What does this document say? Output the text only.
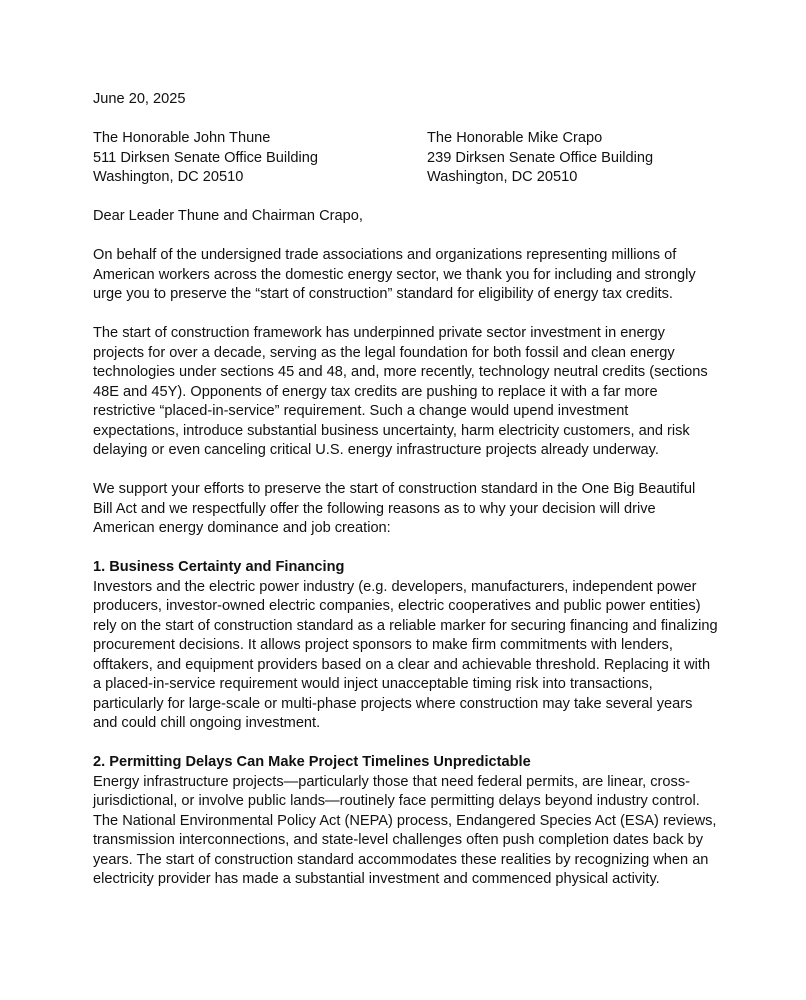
June 20, 2025
The Honorable John Thune
511 Dirksen Senate Office Building
Washington, DC 20510
The Honorable Mike Crapo
239 Dirksen Senate Office Building
Washington, DC 20510
Dear Leader Thune and Chairman Crapo,

On behalf of the undersigned trade associations and organizations representing millions of American workers across the domestic energy sector, we thank you for including and strongly urge you to preserve the “start of construction” standard for eligibility of energy tax credits.

The start of construction framework has underpinned private sector investment in energy projects for over a decade, serving as the legal foundation for both fossil and clean energy technologies under sections 45 and 48, and, more recently, technology neutral credits (sections 48E and 45Y). Opponents of energy tax credits are pushing to replace it with a far more restrictive “placed-in-service” requirement. Such a change would upend investment expectations, introduce substantial business uncertainty, harm electricity customers, and risk delaying or even canceling critical U.S. energy infrastructure projects already underway.

We support your efforts to preserve the start of construction standard in the One Big Beautiful Bill Act and we respectfully offer the following reasons as to why your decision will drive American energy dominance and job creation:

1. Business Certainty and Financing

Investors and the electric power industry (e.g. developers, manufacturers, independent power producers, investor-owned electric companies, electric cooperatives and public power entities) rely on the start of construction standard as a reliable marker for securing financing and finalizing procurement decisions. It allows project sponsors to make firm commitments with lenders, offtakers, and equipment providers based on a clear and achievable threshold. Replacing it with a placed-in-service requirement would inject unacceptable timing risk into transactions, particularly for large-scale or multi-phase projects where construction may take several years and could chill ongoing investment.

2. Permitting Delays Can Make Project Timelines Unpredictable

Energy infrastructure projects—particularly those that need federal permits, are linear, cross-jurisdictional, or involve public lands—routinely face permitting delays beyond industry control. The National Environmental Policy Act (NEPA) process, Endangered Species Act (ESA) reviews, transmission interconnections, and state-level challenges often push completion dates back by years. The start of construction standard accommodates these realities by recognizing when an electricity provider has made a substantial investment and commenced physical activity.
